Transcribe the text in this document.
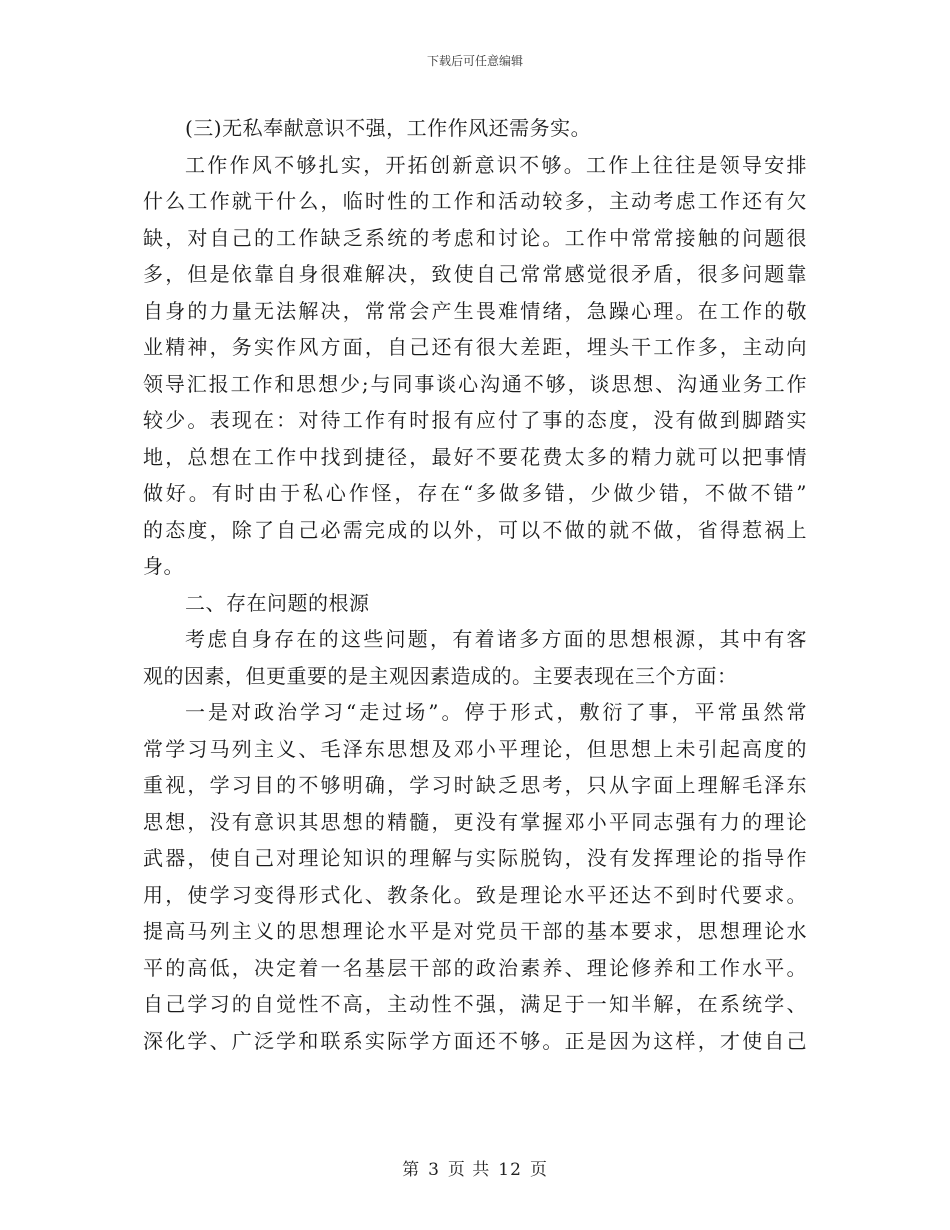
下载后可任意编辑
(三)无私奉献意识不强，工作作风还需务实。
工作作风不够扎实，开拓创新意识不够。工作上往往是领导安排
什么工作就干什么，临时性的工作和活动较多，主动考虑工作还有欠
缺，对自己的工作缺乏系统的考虑和讨论。工作中常常接触的问题很
多，但是依靠自身很难解决，致使自己常常感觉很矛盾，很多问题靠
自身的力量无法解决，常常会产生畏难情绪，急躁心理。在工作的敬
业精神，务实作风方面，自己还有很大差距，埋头干工作多，主动向
领导汇报工作和思想少;与同事谈心沟通不够，谈思想、沟通业务工作
较少。表现在：对待工作有时报有应付了事的态度，没有做到脚踏实
地，总想在工作中找到捷径，最好不要花费太多的精力就可以把事情
做好。有时由于私心作怪，存在“多做多错，少做少错，不做不错”
的态度，除了自己必需完成的以外，可以不做的就不做，省得惹祸上
身。
二、存在问题的根源
考虑自身存在的这些问题，有着诸多方面的思想根源，其中有客
观的因素，但更重要的是主观因素造成的。主要表现在三个方面：
一是对政治学习“走过场”。停于形式，敷衍了事，平常虽然常
常学习马列主义、毛泽东思想及邓小平理论，但思想上未引起高度的
重视，学习目的不够明确，学习时缺乏思考，只从字面上理解毛泽东
思想，没有意识其思想的精髓，更没有掌握邓小平同志强有力的理论
武器，使自己对理论知识的理解与实际脱钩，没有发挥理论的指导作
用，使学习变得形式化、教条化。致是理论水平还达不到时代要求。
提高马列主义的思想理论水平是对党员干部的基本要求，思想理论水
平的高低，决定着一名基层干部的政治素养、理论修养和工作水平。
自己学习的自觉性不高，主动性不强，满足于一知半解，在系统学、
深化学、广泛学和联系实际学方面还不够。正是因为这样，才使自己
第 3 页 共 12 页
